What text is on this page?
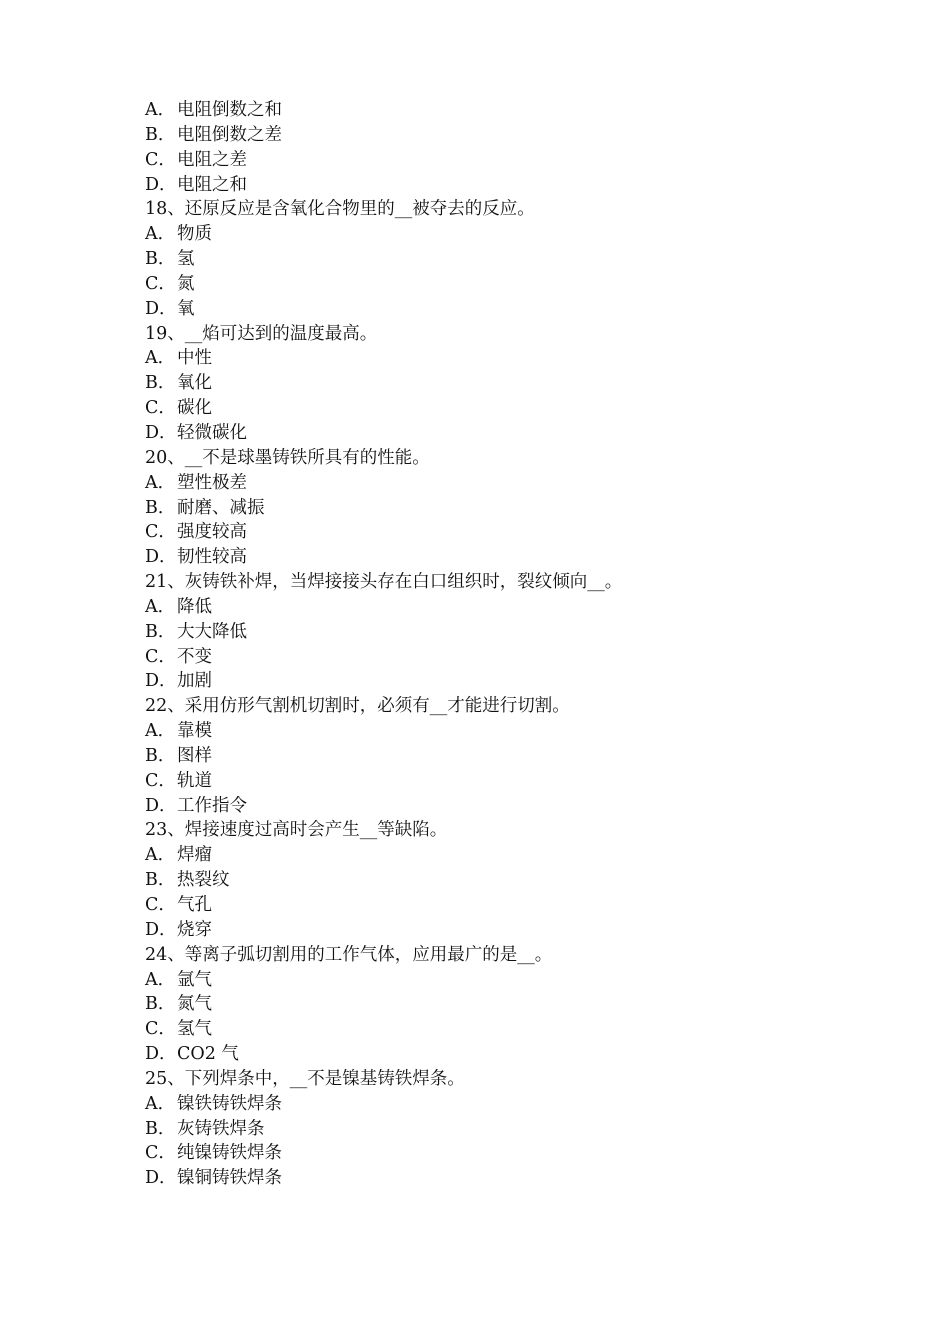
A． 电阻倒数之和
B．电阻倒数之差
C．电阻之差
D．电阻之和
18、还原反应是含氧化合物里的__被夺去的反应。
A． 物质
B．氢
C．氮
D．氧
19、__焰可达到的温度最高。
A． 中性
B．氧化
C．碳化
D．轻微碳化
20、__不是球墨铸铁所具有的性能。
A． 塑性极差
B．耐磨、减振
C．强度较高
D．韧性较高
21、灰铸铁补焊，当焊接接头存在白口组织时，裂纹倾向__。
A． 降低
B．大大降低
C．不变
D．加剧
22、采用仿形气割机切割时，必须有__才能进行切割。
A． 靠模
B．图样
C．轨道
D．工作指令
23、焊接速度过高时会产生__等缺陷。
A． 焊瘤
B．热裂纹
C．气孔
D．烧穿
24、等离子弧切割用的工作气体，应用最广的是__。
A． 氩气
B．氮气
C．氢气
D．CO2 气
25、下列焊条中，__不是镍基铸铁焊条。
A． 镍铁铸铁焊条
B．灰铸铁焊条
C．纯镍铸铁焊条
D．镍铜铸铁焊条
